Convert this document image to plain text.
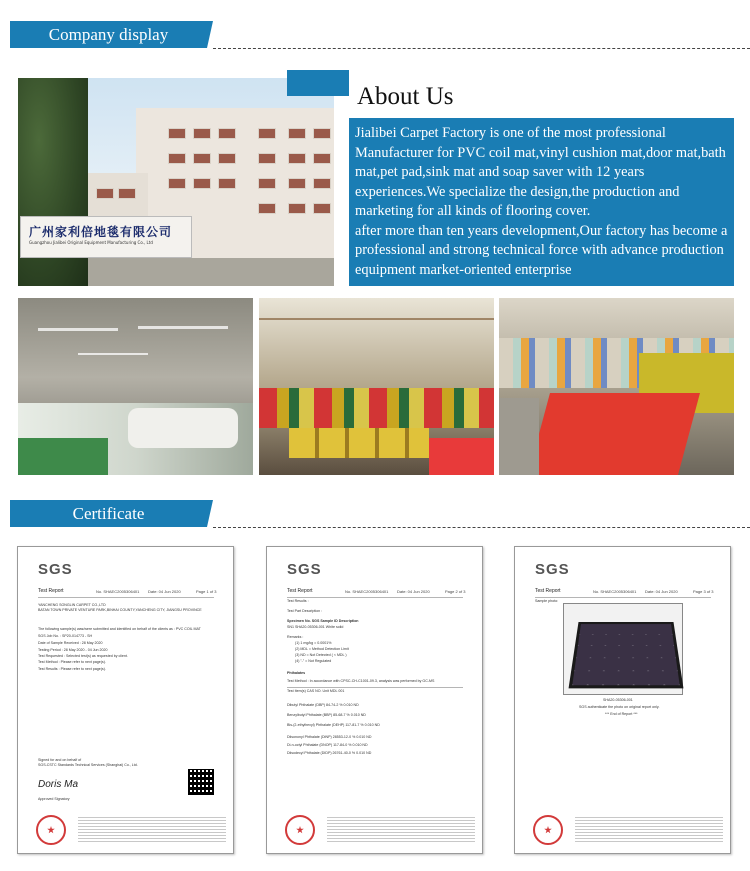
Company display
广州家利倍地毯有限公司
Guangzhou Jialibei Original Equipment Manufacturing Co., Ltd
About Us

Jialibei Carpet Factory is one of the most professional Manufacturer for PVC coil mat,vinyl cushion mat,door mat,bath mat,pet pad,sink mat and soap saver with 12 years experiences.We specialize the design,the production and marketing for all kinds of flooring cover.

after more than ten years development,Our factory has become a professional and strong technical force with advance production equipment market-oriented enterprise

Certificate
SGS
Test Report	No. SHAEC2005306401 Date: 04 Jun 2020	Page 1 of 3
YANCHENG SONGLIN CARPET CO.,LTD
BATAN TOWN PRIVATE VENTURE PARK,BINHAI COUNTY,YANCHENG CITY, JIANGSU PROVINCE
The following sample(s) was/were submitted and identified on behalf of the clients as : PVC COIL MAT
SGS Job No. : SP20-014773 - SH
Date of Sample Received : 28 May 2020
Testing Period : 28 May 2020 - 04 Jun 2020
Test Requested : Selected test(s) as requested by client.
Test Method : Please refer to next page(s).
Test Results : Please refer to next page(s).
Signed for and on behalf of
SGS-CSTC Standards Technical Services (Shanghai) Co., Ltd.
Doris Ma
Approved Signatory
SGS
Test Report	No. SHAEC2005306401 Date: 04 Jun 2020	Page 2 of 3
Test Results :
Test Part Description :
Specimen No. SGS Sample ID Description
SN1 SHA20-05306-001 White solid
Remarks :
(1) 1 mg/kg = 0.0001%
(2) MDL = Method Detection Limit
(3) ND = Not Detected ( < MDL )
(4) "-" = Not Regulated
Phthalates
Test Method : In accordance with CPSC-CH-C1001-09.3, analysis was performed by GC-MS
Test Item(s) CAS NO. Unit MDL 001
Dibutyl Phthalate (DBP) 84-74-2 % 0.010 ND
Benzylbutyl Phthalate (BBP) 85-68-7 % 0.010 ND
Bis-(2-ethylhexyl) Phthalate (DEHP) 117-81-7 % 0.010 ND
Diisononyl Phthalate (DINP) 28553-12-0 % 0.010 ND
Di-n-octyl Phthalate (DNOP) 117-84-0 % 0.010 ND
Diisodecyl Phthalate (DIDP) 26761-40-0 % 0.010 ND
SGS
Test Report	No. SHAEC2005306401 Date: 04 Jun 2020	Page 3 of 3
Sample photo:
SHA20-05306-001
SGS authenticate the photo on original report only.
*** End of Report ***
